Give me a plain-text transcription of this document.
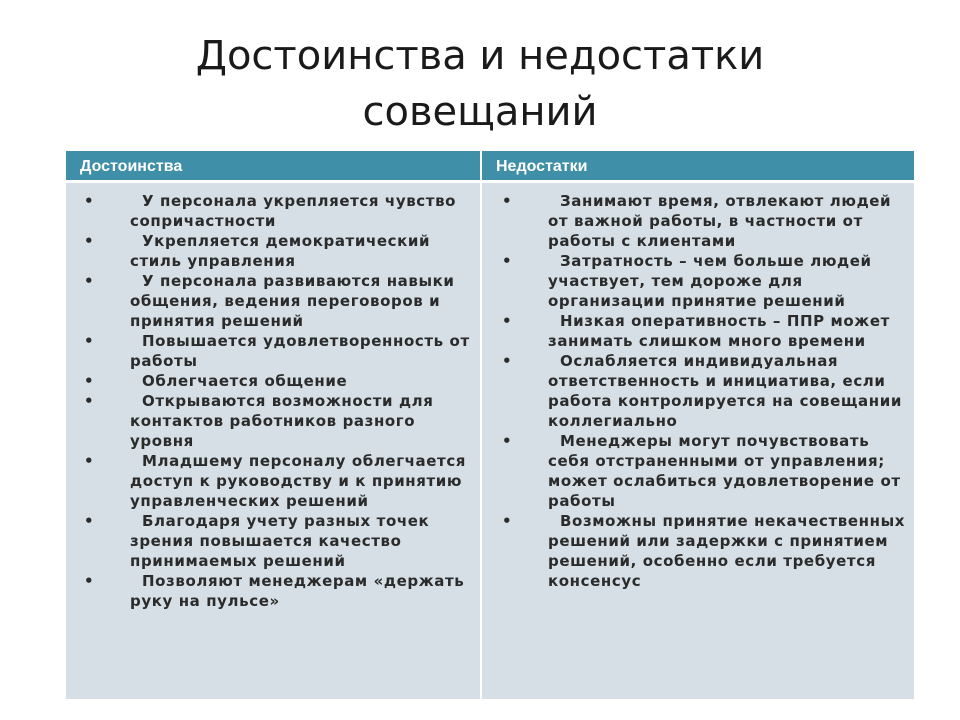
Достоинства и недостатки
совещаний
Достоинства	Недостатки
• У персонала укрепляется чувство сопричастности
• Укрепляется демократический стиль управления
• У персонала развиваются навыки общения, ведения переговоров и принятия решений
• Повышается удовлетворенность от работы
• Облегчается общение
• Открываются возможности для контактов работников разного уровня
• Младшему персоналу облегчается доступ к руководству и к принятию управленческих решений
• Благодаря учету разных точек зрения повышается качество принимаемых решений
• Позволяют менеджерам «держать руку на пульсе»
• Занимают время, отвлекают людей от важной работы, в частности от работы с клиентами
• Затратность – чем больше людей участвует, тем дороже для организации принятие решений
• Низкая оперативность – ППР может занимать слишком много времени
• Ослабляется индивидуальная ответственность и инициатива, если работа контролируется на совещании коллегиально
• Менеджеры могут почувствовать себя отстраненными от управления; может ослабиться удовлетворение от работы
• Возможны принятие некачественных решений или задержки с принятием решений, особенно если требуется консенсус
